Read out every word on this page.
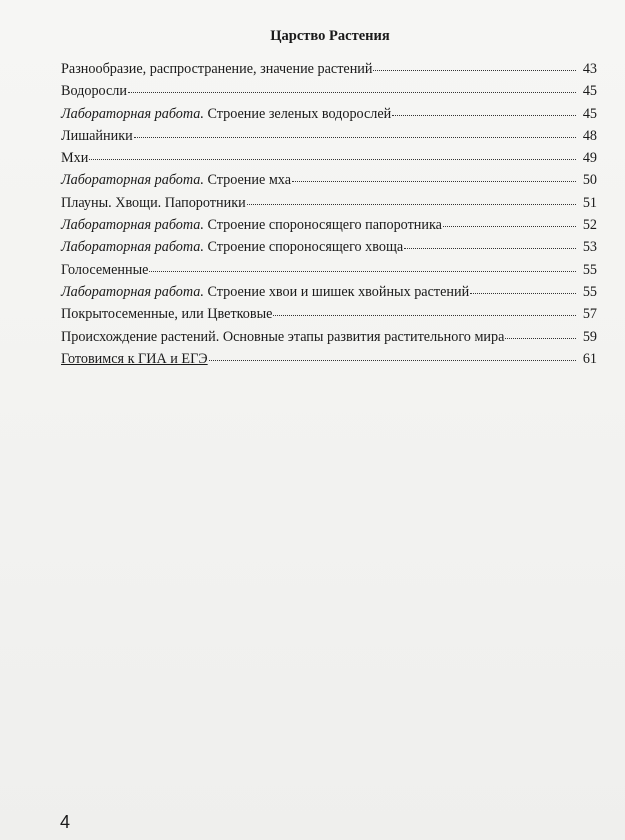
Царство Растения
Разнообразие, распространение, значение растений	43
Водоросли	45
Лабораторная работа. Строение зеленых водорослей	45
Лишайники	48
Мхи	49
Лабораторная работа. Строение мха	50
Плауны. Хвощи. Папоротники	51
Лабораторная работа. Строение спороносящего папоротника	52
Лабораторная работа. Строение спороносящего хвоща	53
Голосеменные	55
Лабораторная работа. Строение хвои и шишек хвойных растений	55
Покрытосеменные, или Цветковые	57
Происхождение растений. Основные этапы развития растительного мира	59
Готовимся к ГИА и ЕГЭ	61
4
